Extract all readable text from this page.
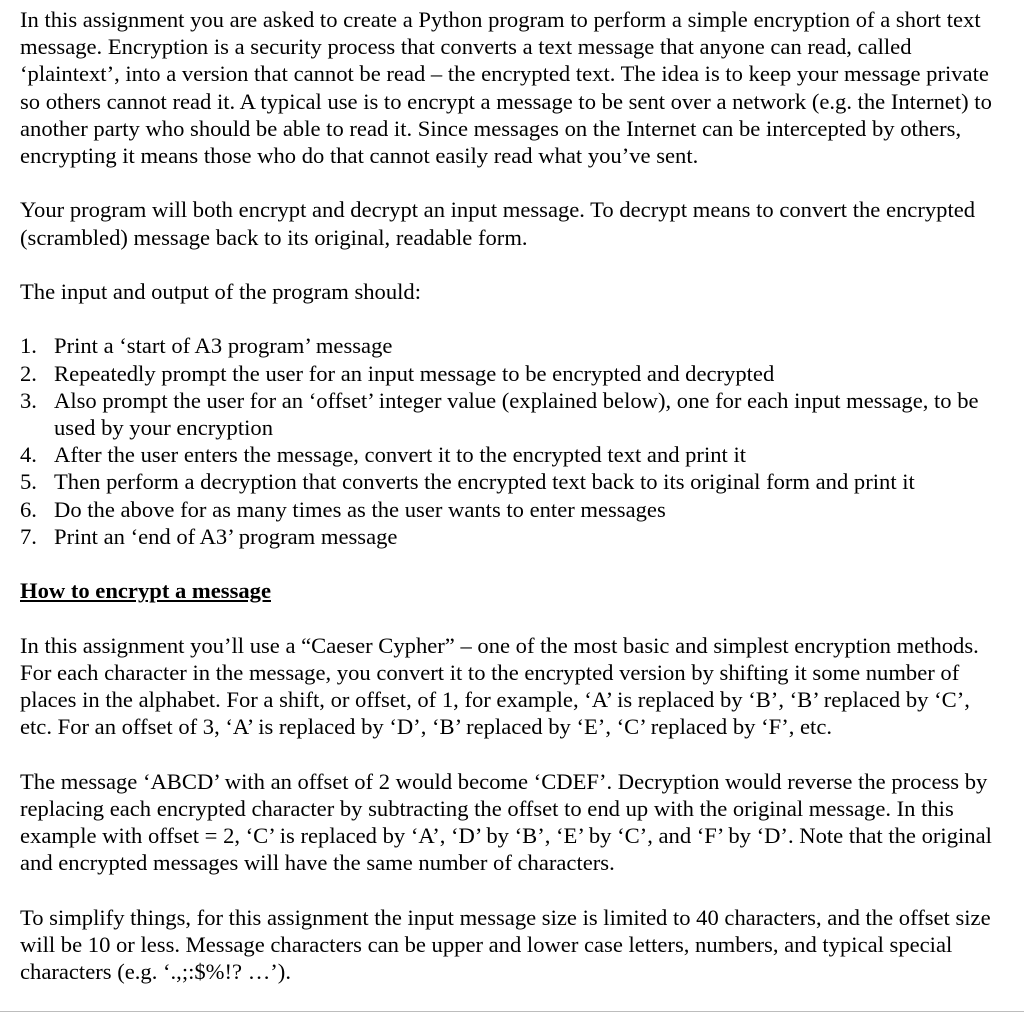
In this assignment you are asked to create a Python program to perform a simple encryption of a short text message. Encryption is a security process that converts a text message that anyone can read, called ‘plaintext’, into a version that cannot be read – the encrypted text. The idea is to keep your message private so others cannot read it. A typical use is to encrypt a message to be sent over a network (e.g. the Internet) to another party who should be able to read it. Since messages on the Internet can be intercepted by others, encrypting it means those who do that cannot easily read what you’ve sent.

Your program will both encrypt and decrypt an input message. To decrypt means to convert the encrypted (scrambled) message back to its original, readable form.

The input and output of the program should:

1. Print a ‘start of A3 program’ message
2. Repeatedly prompt the user for an input message to be encrypted and decrypted
3. Also prompt the user for an ‘offset’ integer value (explained below), one for each input message, to be used by your encryption
4. After the user enters the message, convert it to the encrypted text and print it
5. Then perform a decryption that converts the encrypted text back to its original form and print it
6. Do the above for as many times as the user wants to enter messages
7. Print an ‘end of A3’ program message

How to encrypt a message

In this assignment you’ll use a “Caeser Cypher” – one of the most basic and simplest encryption methods. For each character in the message, you convert it to the encrypted version by shifting it some number of places in the alphabet. For a shift, or offset, of 1, for example, ‘A’ is replaced by ‘B’, ‘B’ replaced by ‘C’, etc. For an offset of 3, ‘A’ is replaced by ‘D’, ‘B’ replaced by ‘E’, ‘C’ replaced by ‘F’, etc.

The message ‘ABCD’ with an offset of 2 would become ‘CDEF’. Decryption would reverse the process by replacing each encrypted character by subtracting the offset to end up with the original message. In this example with offset = 2, ‘C’ is replaced by ‘A’, ‘D’ by ‘B’, ‘E’ by ‘C’, and ‘F’ by ‘D’. Note that the original and encrypted messages will have the same number of characters.

To simplify things, for this assignment the input message size is limited to 40 characters, and the offset size will be 10 or less. Message characters can be upper and lower case letters, numbers, and typical special characters (e.g. ‘.,;:$%!? …’).
